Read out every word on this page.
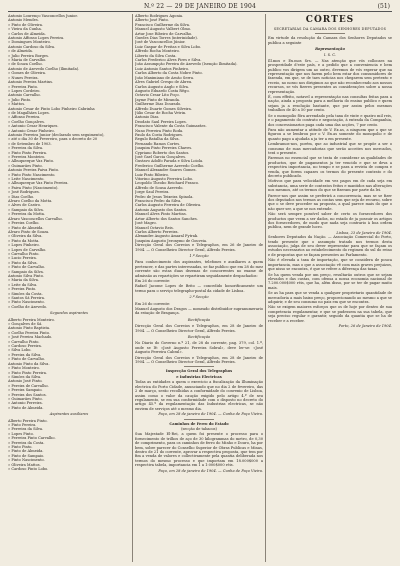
N.º 22 — 29 DE JANEIRO DE 1904	(51)
Antonio Lourenço Vasconcellos Junior.
Antonio Mendes.
» Pinto de Oliveira.
» Vieira da Cunha.
» Carlos de Almeida.
Antonio Affonso Lopes Pereira.
» Domingues Monteiro.
Antonio Cardoso da Silva.
» de Almeida.
» Julio Pereira Borges.
» Maria de Carvalho.
» de Souza Coelho.
Antonio de Azevedo Coelho (Ilimitada).
» Gomes de Oliveira.
» Nunes Pereira.
Antonio Pereira Martins.
» Ferreira Pinto.
» Lopes Cordeiro.
Antonio Carvalho.
» Julio Pinto.
» Mattos.
Antonio Cesar de Pinto Lobo Pinheiro Cabrinha
» de Magalhães Lopes.
» Affonso Pereira.
» Coelho Gonçalves.
» Antonio Cesar Henriques.
» Antonio Cesar Pinheiro.
Antonio Ferreira Junior (declarado sem seguimento),
» até o dia 30 de Fevereiro, para o decreto de 20
» de Setembro de 1903.
» Ferreira da Silva.
» Pinto Pinto Pereira.
» Ferreira Monteiro.
» Albuquerque Vaz Pinto.
» Guimarães Pinto.
Antonio Pereira Paiva Pinto.
» Pinto Pinto Nascimento.
» Leite Nascimento.
» Albuquerque Vaz Pinto Pereira.
» Paiva Pinto (Nascimento).
» José Rodrigues.
» Dias Coelho.
Alvaro Coelho da Motta.
» Alves de Castro.
» Sampaio da Silva.
» Ferreira da Motta.
Alvaro Vasconcellos Carvalho.
» Pereira Coelho.
» Pinto de Almeida.
Alvaro Pinto de Souza.
» Oliveira da Silva.
» Pinto da Motta.
» Lopes Pinheiro.
» Lopes de Carvalho.
» Carvalho Pinto.
» Lucio Pereira.
» Pinto da Silva.
» Pinto de Carvalho.
» Sampaio da Silva.
Antonio Silva Pinto.
» Maria da Silva.
» Leite da Silva.
» Pereira Pinto.
» Simões da Costa.
» Santos Sá Pereira.
» Pinto Nascimento.
» Coelho de Azevedo.
Segundos aspirantes
Alberto Pereira Monteiro.
» Gonçalves de Sá.
Antonio Pinto Baptista.
» Coelho Pereira Pinto.
» José Pereira Machado.
» Carvalho Pinto.
» Cardoso Pereira.
» Silva Lobo.
» Pereira da Silva.
» Pinto de Carvalho.
Antonio Pinto da Silva.
» Pinto Monteiro.
» Pinto Pinto Pereira.
» Simões da Silva.
Antonio José Pinto.
» Pereira de Carvalho.
» Pereira Sampaio.
» Pereira dos Santos.
» Guimarães Pinto.
» Antonio Ferreira.
» Pinto de Almeida.
Aspirantes auxiliares
Alberto Pereira Pinto.
» Pinto Pereira.
» Ferreira da Silva.
» Lopes Pinto.
» Ferreira Pinto Carvalho.
» Ferreira da Costa.
» Pinto Pinto.
» Pinto de Almeida.
» Pinto de Sampaio.
» Pinto Nascimento.
» Oliveira Mattos.
» Cardoso Pinto Lobo.
Alberto Rodrigues Agonia.
Alberto José Pinto.
Francisco Guilherme da Silva.
Manuel Augusto Valbert Olmo.
Artur Jose Ribeiro de Carvalho.
Guedes Dias Torres (interinidade).
José de Vasconcellos Júnior.
Luiz Gaspar de Freitas e Silva Lobo.
Alfredo Rocha Monteiro.
Liberto da Silva Costa.
Carlos Frederico Alves Pires e Silva.
João Assumpção Pereira de Azevedo (Isenção Ilimitada).
Luiz Antonio Santos Pinheiro.
Carlos Alberto da Costa Nobre Pinto.
João Maximiano de Aroão Serra.
Alves Gabriel Crespo de Abreu.
Carlos Augusto Anglo e Silva.
Augusto Eduardo Costa Rêgo.
Octavio Cesar Lito Poço.
Jayme Pinto de Miranda.
Guilherme Dias Dourado.
Alfredo Duarte Gomes Silveira.
Júlio Cesar de Rocha Vetrin.
Antonio Dias.
Deodato Saul Pereira Lopes.
Francisco Valente da Costa Guimarães.
Nuno Ferreira Pinto Roda.
Paulo da Costa Rodrigues.
Regulo Batalha da Silva.
Fernando Ramos Cortes.
Joaquim Pinto Ferreira Chaves.
Cypriano Roberto dos Santos.
José Gael Garcia Gonçalves.
Gustavo Adolfo Parada e Silva Loiola.
Frederico Guilherme Azevedo Coelho.
Manuel Alexandre Soares Gomes.
Luiz Pinto Ribeiro.
Vitorino Augusto Ferreira Lobo.
Leopoldo Theobo Reichard Franco.
Alfredo de Sousa Azevedo.
Jorge Saul Pereira.
Pedro de Jesus Teixeira Spinola.
Francisco Pedro da Silva.
Carlos Augusto Ferreira de Oliveira.
Antonio Augusto dos Santos.
Manuel Alves Pinto Martins.
Artur Alberto dos Santos Sanches.
José Magro.
Manuel Octavio Reis.
Carlos Alberto Ferreira.
Alexandre Augusto Amaral Fytrak.
Joaquim Augusto Jeronymo de Gouveia.
Direcção Geral dos Correios e Telegraphos, em 26 de Janeiro de 1904. — O Conselheiro Director Geral, Alfredo Pereira.
1.ª Secção
Para conhecimento dos aspirantes, telefones e auxiliares a quem pertencer, e das partes interessadas, se faz publico que em 28 do mez corrente são estas duas dezenas de concorrentes no exame de admissão as repartições se repartiram seguidamente despachados:
Em 26 do corrente:
Rafael Jacome Lopes de Brito — concedido honorificamente um termo para o serviço telegrapho-postal da cidade de Lisboa.
2.ª Secção
Em 26 do corrente:
Manuel Augusto dos Dragos — nomeado distribuidor supranumerario da estação de Bragança.
Rectificação
Direcção Geral dos Correios e Telegraphos, em 28 de Janeiro de 1904. — O Conselheiro Director Geral, Alfredo Pereira.
Rectificação
No Diario do Governo n.º 21, de 28 do corrente, pag. 379, col. 1.ª, onde se lê: «José Augusto Ferreira Sobral», deve ler-se: «José Augusto Ferreira Cabral».
Direcção Geral dos Correios e Telegraphos, em 28 de Janeiro de 1904. — O Conselheiro Director Geral, Alfredo Pereira.
Inspecção Geral dos Telegraphos
e Industrias Electricas
Todas as entidades a quem o exercicio a fiscalização da Illuminação electrica do Porto Cidade, anunciando que no dia 2 de fevereiro, das 2 de março, serão recolhidas a conformidade do convenio de Lisboa, assim como o valor da caução exigido pelo artigo 4.º de seu regulamento, se em sua conformidade com o disposto no decreto do artigo 45.º da regulamentação das Industrias electricas, se não enviem de serviços até o mesmo dia.
Paço, em 28 de janeiro de 1904. — Cunha de Paço Vieira.
Caminhos de Ferro do Estado
(secção de tabacos)
Sua Majestade El-Rei, a quem foi presente o processo para o fornecimento de trilhos de aço de 30 kilogrammas do metro, de 0,30 de comprimento, para os caminhos de ferro do Minho e Douro, ha por bem, sobre parecer do Conselho Superior de Obras Publicas e Minas, dentro de 21 do corrente, aprovar a respectiva proposta, que tem por fim a venda de valores e collectivamente pela quantia deliberada nos termos do mesmo processo e que importam em 18.000$000 a respectiva tabela, importancia em 1 a 1:000$000 réis.
Paço, em 28 de janeiro de 1904. — Cunha de Paço Vieira.
CÔRTES
SECRETARIAS DA CAMARA DOS SENHORES DEPUTADOS
Em virtude da resolução da Camara dos Senhores Deputados se publica a seguinte
Representação
I. S. C.
Ill.mos e Ex.mos Srs. — Nas atenção que vós collocaes na prosperidade d'este país, e a pedido que a conveniencia e bem publico vos dirigem um ao outro, devemos de vós esperar que na representação que nos fazem pelo bem estar dos consumidores de fazenda, em que, se de taes noticias nos chegarem sem pretexto e receio, no nosso nos dirigimos ao que não reconhecendo aos nossos recursos, se vós fizeres presentes as considerações sobre a nossa representação.
É, com effeito, notavel a representação nas consultas feitas para a nação, ainda a proposta para a melhoria do ensino publico e quem sejam ja a resolução bastante, que por assim pelos mesmos trabalhos de 40 a 50 por cento.
Se o monopolio fôra arrendado pela taxa de vinte e quatro mil reis, e o pagamento do contrato e negociação, à entrada da Companhia, dos concessionarios paga cada uma das acções, 7 por cento.
Para não aumentar a atitude de V. Ex.as, a ninguem que o que se figurou a se lembrou por o V. Ex.as somente do monopolio e de quanto pago a ajudada a ja ter a em presente.
Lembramos-nos, porém, que ao industrial que se propõe a ser o consumo de suas mercadorias que serão acceites nos mercados, terá o presente.
Faremos no essencial que se trata de considerar as qualidades de productos, que de pagamentos ja ter vencido e que se deva a respectiva importancia, no tempo e se para a revista de compra e venda, que forem capazes os termos do presente contrato e do decreto publicado.
Motivos que para velocidade em vez pagos em de cada seja em substancia, uma serie de contratos feitos e mantidos nas alterações nos mesmos, até os termos do que se fizeram por parte da lei.
Parece-nos que assim se preferirá a concorrencia, mas se se fizer dos deputados nos termos as contas sem que seja de recurso, sobre que o se deve proceder na proposta, a qual parece mais do que o não quer ser, a que se nos entende.
Não será sempre possível saber de certo os fornecedores dos productos que veem a ser dados, no estado de ja possuir os artigos dos fornecedores, de modo que nada seja contrario à boa ordem publica, nem de grande lucro.
Lisboa, 23 de Janeiro de 1904.
Senhores Deputados da Nação. — Associação Comercial do Porto, tendo presente que o assumpto tratado nos termos desta associação, julga de seu dever representar para que se façam os estudos necessarios ao estabelecimento do regimen do sul do reino e de propostas que se façam presentes ao Parlamento.
Não é elevada a taxa de importação, que se considera de pouca importancia, mas o que a associação vê com mais graves prejuizos, que nisso se encontra, é que se refere a diferença das taxas.
Se ha quem venda por um preço, resultarão outros que se sejam elevados e das custas, com ofensa a nossa economia nacional de 7.200.000$000 réis, que ha, além disso, por se ter de pagar muito mais.
Se as ha para que se venda a qualquer proprietario quantidade de mercadoria a mais baixo preço, proporcionando ao mesmo a que se adquirir, e de seu consumo no paiz em que se encontra.
Não se exigem maiores esforços que os de hoje por dentro de sua competencia regulamentar, e que se pudessem na sua tabela, que seja preciso regular e garantir, seguido da quantia que se ha de receber e a receber.
Porto, 26 de Janeiro de 1904.
